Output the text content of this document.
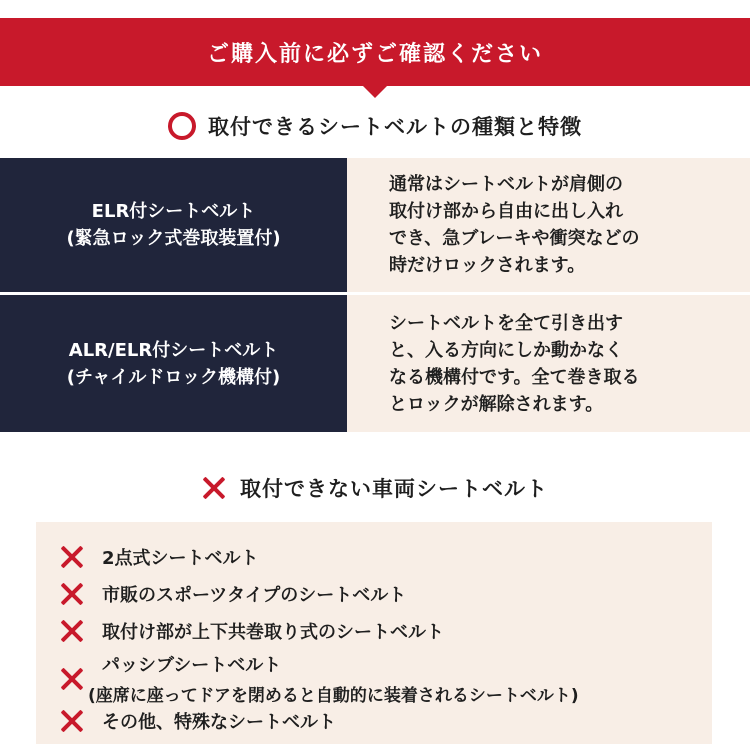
ご購入前に必ずご確認ください
取付できるシートベルトの種類と特徴
ELR付シートベルト
(緊急ロック式巻取装置付)
通常はシートベルトが肩側の
取付け部から自由に出し入れ
でき、急ブレーキや衝突などの
時だけロックされます。
ALR/ELR付シートベルト
(チャイルドロック機構付)
シートベルトを全て引き出す
と、入る方向にしか動かなく
なる機構付です。全て巻き取る
とロックが解除されます。
取付できない車両シートベルト
2点式シートベルト
市販のスポーツタイプのシートベルト
取付け部が上下共巻取り式のシートベルト
パッシブシートベルト
(座席に座ってドアを閉めると自動的に装着されるシートベルト)
その他、特殊なシートベルト
